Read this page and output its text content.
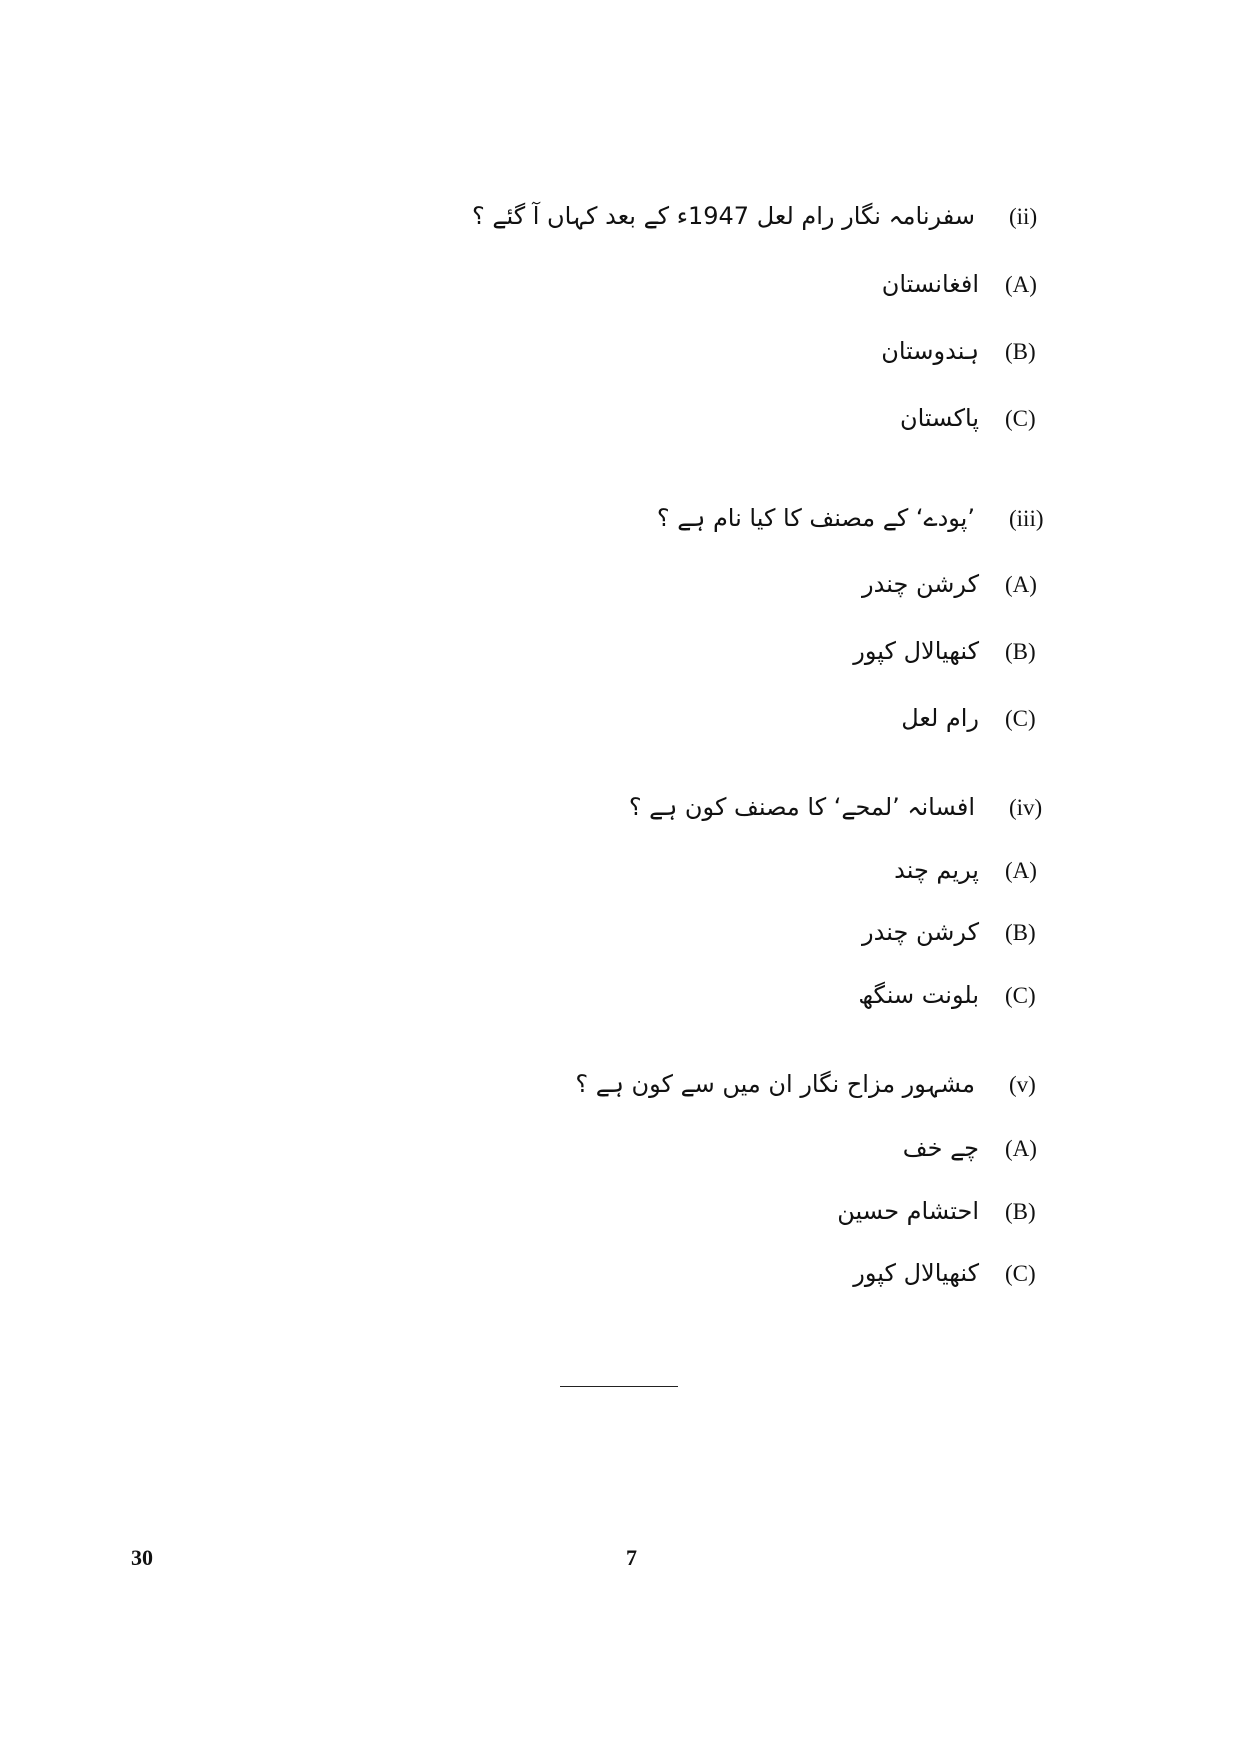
سفرنامہ نگار رام لعل 1947ء کے بعد کہاں آ گئے ؟ (ii)
افغانستان (A)
ہندوستان (B)
پاکستان (C)
’پودے‘ کے مصنف کا کیا نام ہے ؟ (iii)
کرشن چندر (A)
کنھیالال کپور (B)
رام لعل (C)
افسانہ ’لمحے‘ کا مصنف کون ہے ؟ (iv)
پریم چند (A)
کرشن چندر (B)
بلونت سنگھ (C)
مشہور مزاح نگار ان میں سے کون ہے ؟ (v)
چے خف (A)
احتشام حسین (B)
کنھیالال کپور (C)
30	7
